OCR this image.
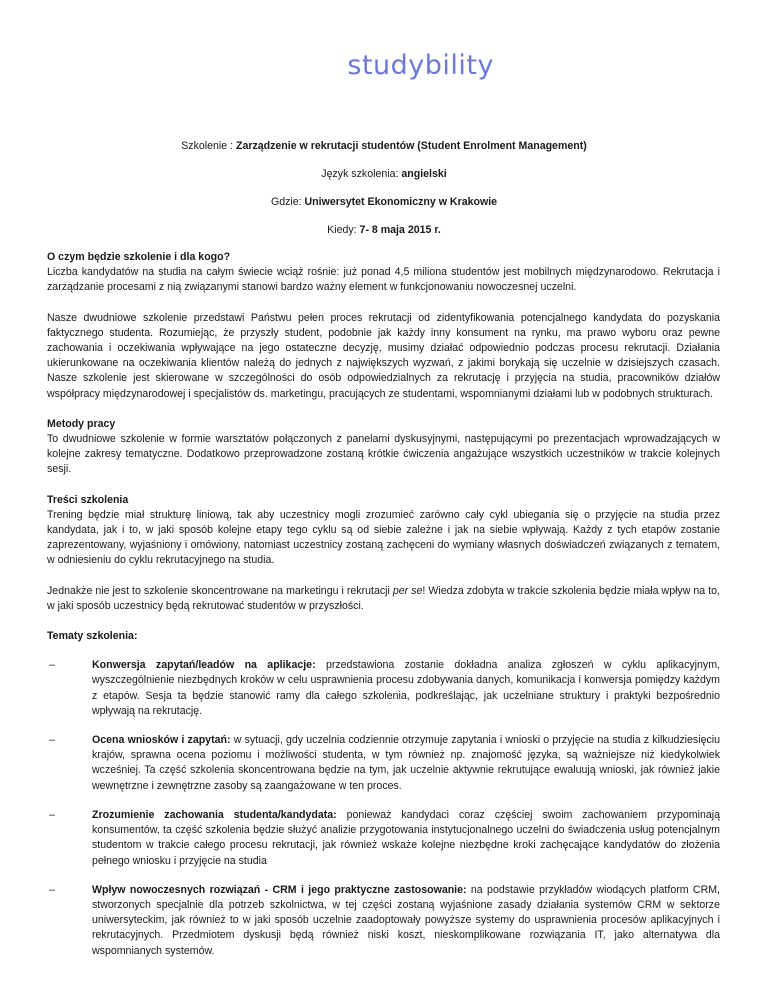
studybility

Szkolenie : Zarządzenie w rekrutacji studentów (Student Enrolment Management)

Język szkolenia: angielski

Gdzie: Uniwersytet Ekonomiczny w Krakowie

Kiedy: 7- 8 maja 2015 r.

O czym będzie szkolenie i dla kogo?
Liczba kandydatów na studia na całym świecie wciąż rośnie: już ponad 4,5 miliona studentów jest mobilnych międzynarodowo. Rekrutacja i zarządzanie procesami z nią związanymi stanowi bardzo ważny element w funkcjonowaniu nowoczesnej uczelni.

Nasze dwudniowe szkolenie przedstawi Państwu pełen proces rekrutacji od zidentyfikowania potencjalnego kandydata do pozyskania faktycznego studenta. Rozumiejąc, że przyszły student, podobnie jak każdy inny konsument na rynku, ma prawo wyboru oraz pewne zachowania i oczekiwania wpływające na jego ostateczne decyzję, musimy działać odpowiednio podczas procesu rekrutacji. Działania ukierunkowane na oczekiwania klientów należą do jednych z największych wyzwań, z jakimi borykają się uczelnie w dzisiejszych czasach. Nasze szkolenie jest skierowane w szczególności do osób odpowiedzialnych za rekrutację i przyjęcia na studia, pracowników działów współpracy międzynarodowej i specjalistów ds. marketingu, pracujących ze studentami, wspomnianymi działami lub w podobnych strukturach.

Metody pracy
To dwudniowe szkolenie w formie warsztatów połączonych z panelami dyskusyjnymi, następującymi po prezentacjach wprowadzających w kolejne zakresy tematyczne. Dodatkowo przeprowadzone zostaną krótkie ćwiczenia angażujące wszystkich uczestników w trakcie kolejnych sesji.

Treści szkolenia
Trening będzie miał strukturę liniową, tak aby uczestnicy mogli zrozumieć zarówno cały cykl ubiegania się o przyjęcie na studia przez kandydata, jak i to, w jaki sposób kolejne etapy tego cyklu są od siebie zależne i jak na siebie wpływają. Każdy z tych etapów zostanie zaprezentowany, wyjaśniony i omówiony, natomiast uczestnicy zostaną zachęceni do wymiany własnych doświadczeń związanych z tematem, w odniesieniu do cyklu rekrutacyjnego na studia.

Jednakże nie jest to szkolenie skoncentrowane na marketingu i rekrutacji per se! Wiedza zdobyta w trakcie szkolenia będzie miała wpływ na to, w jaki sposób uczestnicy będą rekrutować studentów w przyszłości.

Tematy szkolenia:
–	Konwersja zapytań/leadów na aplikacje: przedstawiona zostanie dokładna analiza zgłoszeń w cyklu aplikacyjnym, wyszczególnienie niezbędnych kroków w celu usprawnienia procesu zdobywania danych, komunikacja i konwersja pomiędzy każdym z etapów. Sesja ta będzie stanowić ramy dla całego szkolenia, podkreślając, jak uczelniane struktury i praktyki bezpośrednio wpływają na rekrutację.
–	Ocena wniosków i zapytań: w sytuacji, gdy uczelnia codziennie otrzymuje zapytania i wnioski o przyjęcie na studia z kilkudziesięciu krajów, sprawna ocena poziomu i możliwości studenta, w tym również np. znajomość języka, są ważniejsze niż kiedykolwiek wcześniej. Ta część szkolenia skoncentrowana będzie na tym, jak uczelnie aktywnie rekrutujące ewaluują wnioski, jak również jakie wewnętrzne i zewnętrzne zasoby są zaangażowane w ten proces.
–	Zrozumienie zachowania studenta/kandydata: ponieważ kandydaci coraz częściej swoim zachowaniem przypominają konsumentów, ta część szkolenia będzie służyć analizie przygotowania instytucjonalnego uczelni do świadczenia usług potencjalnym studentom w trakcie całego procesu rekrutacji, jak również wskaże kolejne niezbędne kroki zachęcające kandydatów do złożenia pełnego wniosku i przyjęcie na studia
–	Wpływ nowoczesnych rozwiązań - CRM i jego praktyczne zastosowanie: na podstawie przykładów wiodących platform CRM, stworzonych specjalnie dla potrzeb szkolnictwa, w tej części zostaną wyjaśnione zasady działania systemów CRM w sektorze uniwersyteckim, jak również to w jaki sposób uczelnie zaadoptowały powyższe systemy do usprawnienia procesów aplikacyjnych i rekrutacyjnych. Przedmiotem dyskusji będą również niski koszt, nieskomplikowane rozwiązania IT, jako alternatywa dla wspomnianych systemów.
